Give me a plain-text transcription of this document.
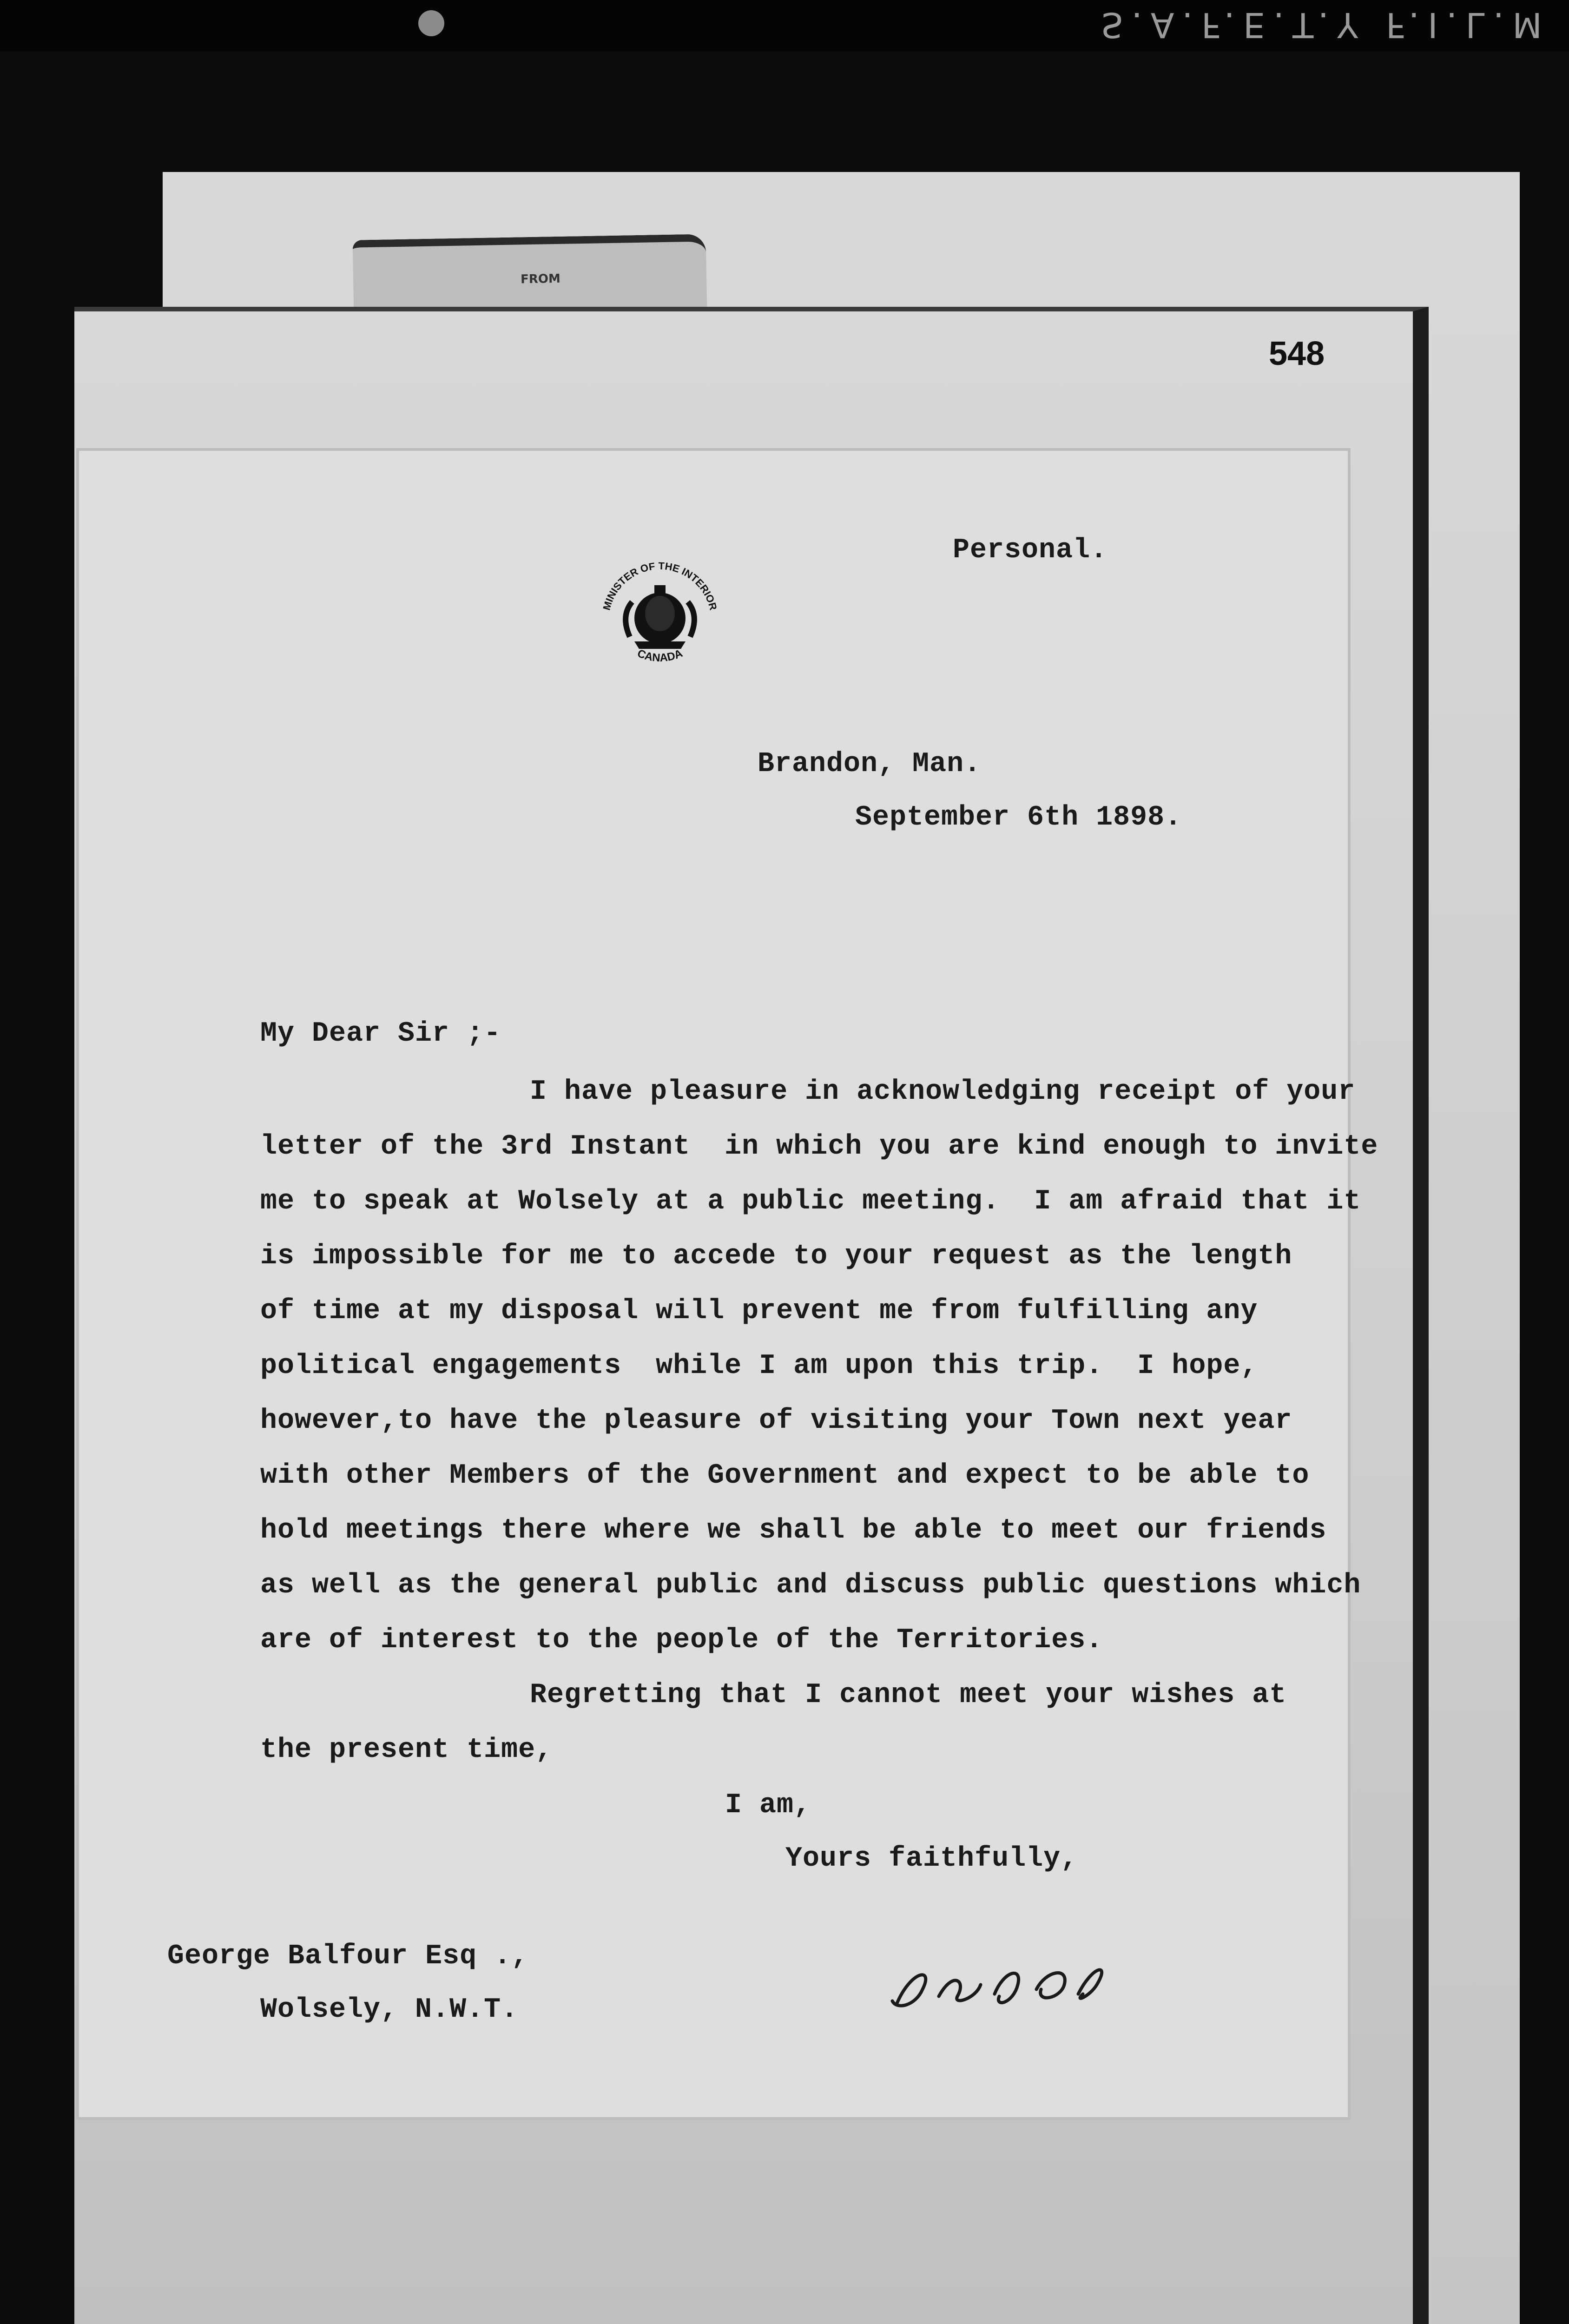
S.A.F.E.T.Y F.I.L.M
FROM
548
MINISTER OF THE INTERIOR
CANADA
Personal.
Brandon, Man.
September 6th 1898.
My Dear Sir ;-
I have pleasure in acknowledging receipt of your
letter of the 3rd Instant  in which you are kind enough to invite
me to speak at Wolsely at a public meeting.  I am afraid that it
is impossible for me to accede to your request as the length
of time at my disposal will prevent me from fulfilling any
political engagements  while I am upon this trip.  I hope,
however,to have the pleasure of visiting your Town next year
with other Members of the Government and expect to be able to
hold meetings there where we shall be able to meet our friends
as well as the general public and discuss public questions which
are of interest to the people of the Territories.
Regretting that I cannot meet your wishes at
the present time,
I am,
Yours faithfully,
George Balfour Esq .,
Wolsely, N.W.T.
